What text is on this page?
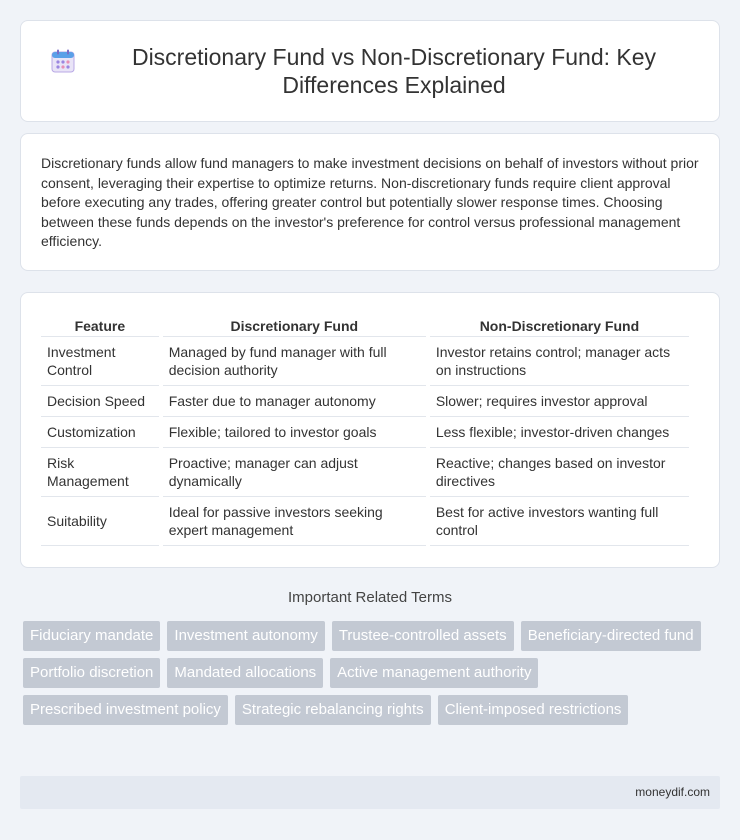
Discretionary Fund vs Non-Discretionary Fund: Key Differences Explained

Discretionary funds allow fund managers to make investment decisions on behalf of investors without prior consent, leveraging their expertise to optimize returns. Non-discretionary funds require client approval before executing any trades, offering greater control but potentially slower response times. Choosing between these funds depends on the investor's preference for control versus professional management efficiency.

Feature	Discretionary Fund	Non-Discretionary Fund
Investment Control	Managed by fund manager with full decision authority	Investor retains control; manager acts on instructions
Decision Speed	Faster due to manager autonomy	Slower; requires investor approval
Customization	Flexible; tailored to investor goals	Less flexible; investor-driven changes
Risk Management	Proactive; manager can adjust dynamically	Reactive; changes based on investor directives
Suitability	Ideal for passive investors seeking expert management	Best for active investors wanting full control
Important Related Terms
Fiduciary mandate	Investment autonomy	Trustee-controlled assets	Beneficiary-directed fund
Portfolio discretion	Mandated allocations	Active management authority
Prescribed investment policy	Strategic rebalancing rights	Client-imposed restrictions
moneydif.com
